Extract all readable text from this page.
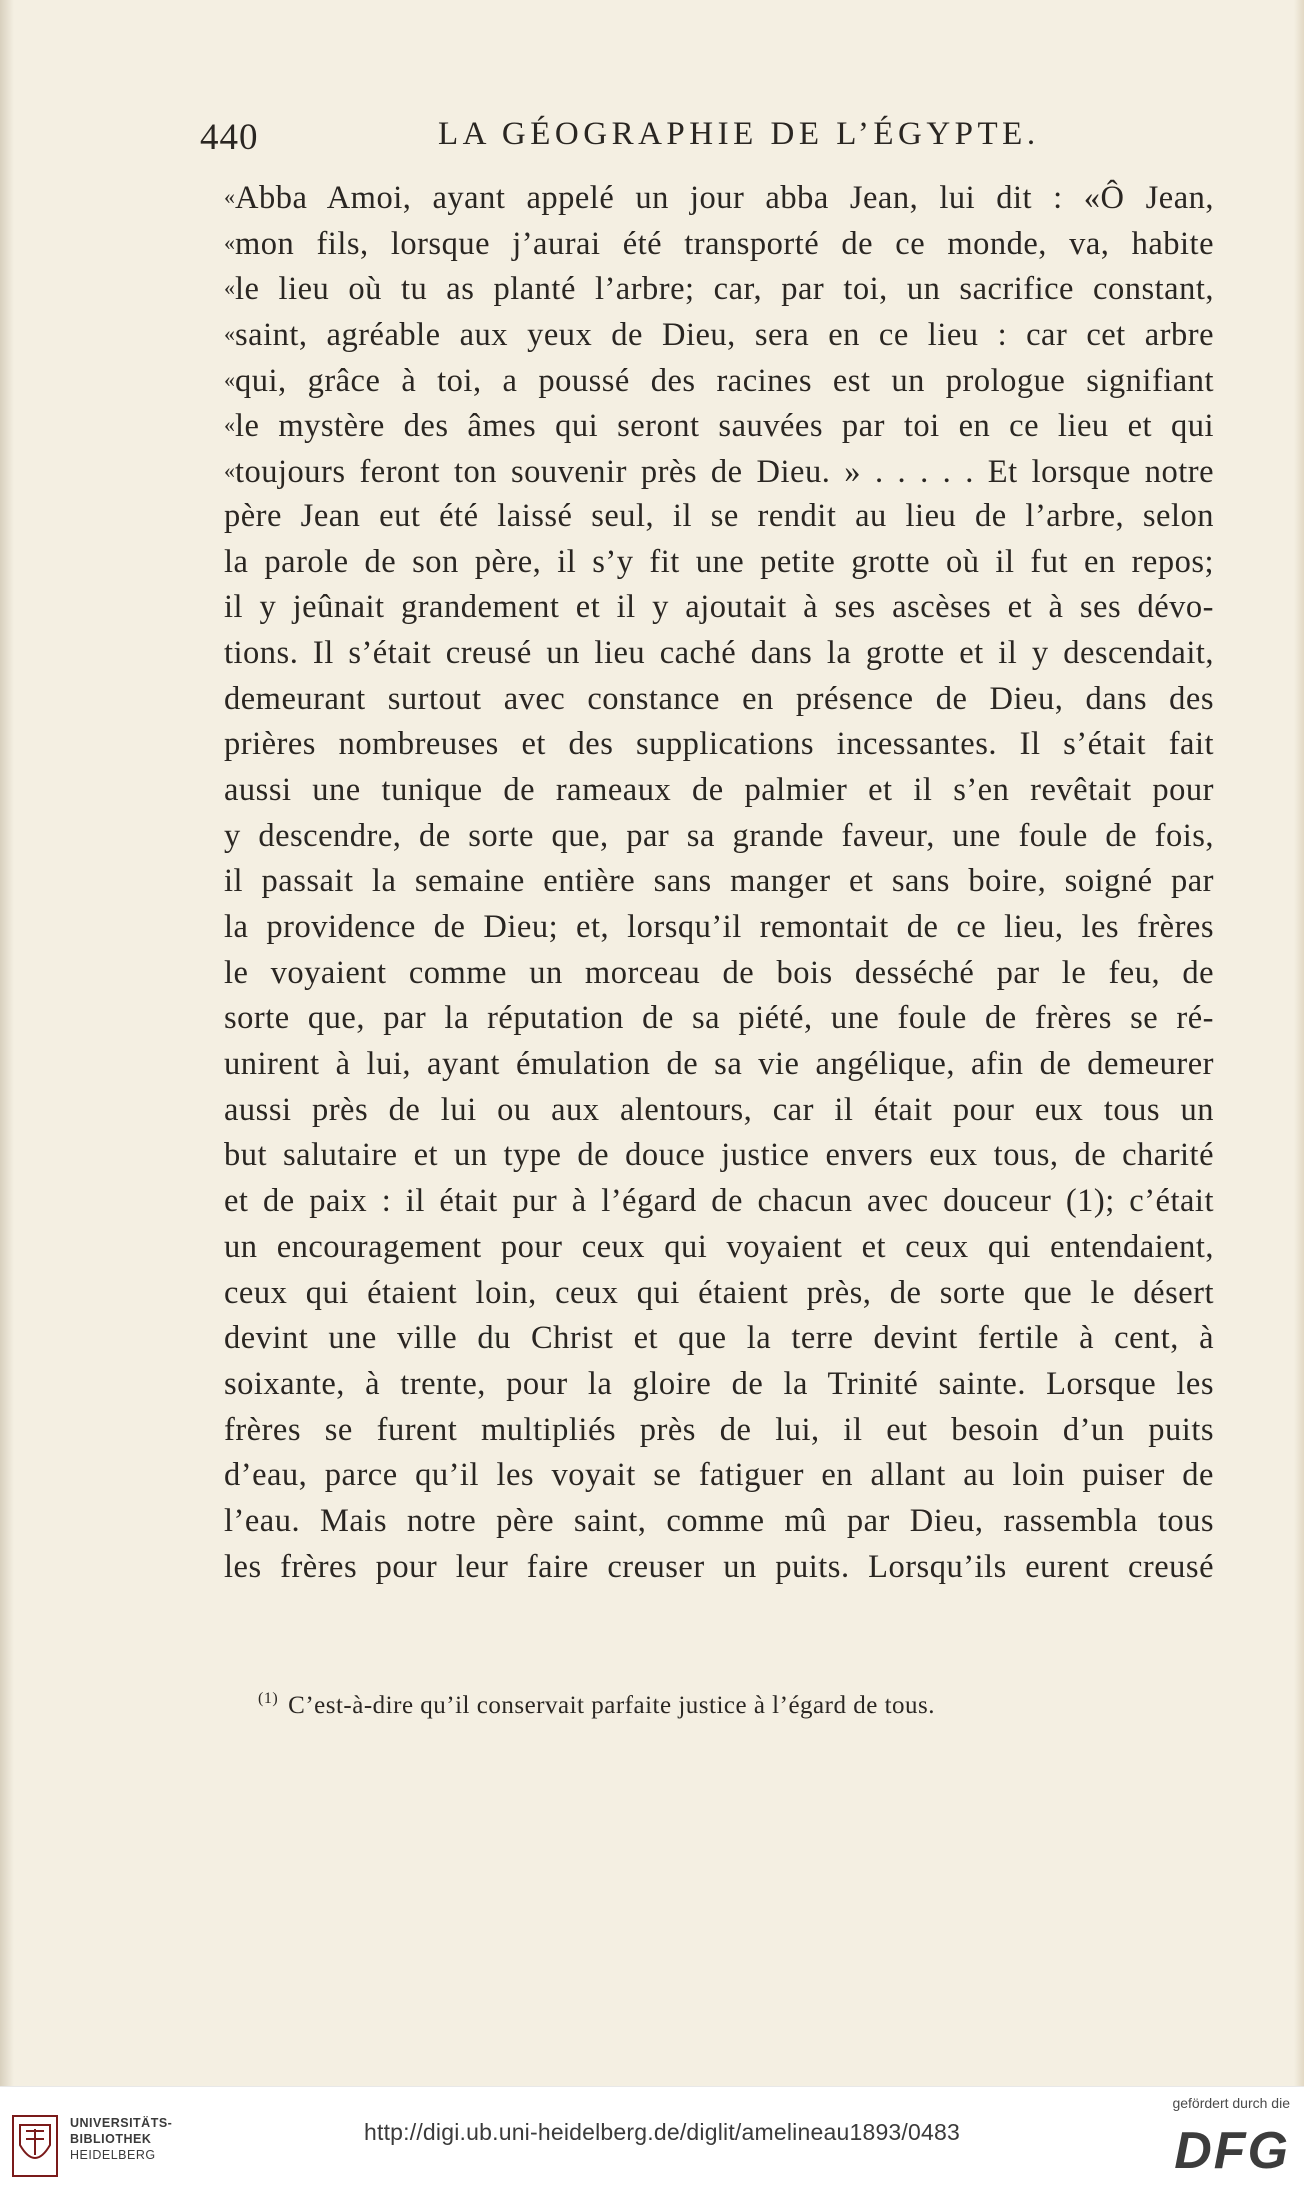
440	LA GÉOGRAPHIE DE L’ÉGYPTE.
«Abba Amoi, ayant appelé un jour abba Jean, lui dit : «Ô Jean,
«mon fils, lorsque j’aurai été transporté de ce monde, va, habite
«le lieu où tu as planté l’arbre; car, par toi, un sacrifice constant,
«saint, agréable aux yeux de Dieu, sera en ce lieu : car cet arbre
«qui, grâce à toi, a poussé des racines est un prologue signifiant
«le mystère des âmes qui seront sauvées par toi en ce lieu et qui
«toujours feront ton souvenir près de Dieu. » . . . . . Et lorsque notre
père Jean eut été laissé seul, il se rendit au lieu de l’arbre, selon
la parole de son père, il s’y fit une petite grotte où il fut en repos;
il y jeûnait grandement et il y ajoutait à ses ascèses et à ses dévo-
tions. Il s’était creusé un lieu caché dans la grotte et il y descendait,
demeurant surtout avec constance en présence de Dieu, dans des
prières nombreuses et des supplications incessantes. Il s’était fait
aussi une tunique de rameaux de palmier et il s’en revêtait pour
y descendre, de sorte que, par sa grande faveur, une foule de fois,
il passait la semaine entière sans manger et sans boire, soigné par
la providence de Dieu; et, lorsqu’il remontait de ce lieu, les frères
le voyaient comme un morceau de bois desséché par le feu, de
sorte que, par la réputation de sa piété, une foule de frères se ré-
unirent à lui, ayant émulation de sa vie angélique, afin de demeurer
aussi près de lui ou aux alentours, car il était pour eux tous un
but salutaire et un type de douce justice envers eux tous, de charité
et de paix : il était pur à l’égard de chacun avec douceur (1); c’était
un encouragement pour ceux qui voyaient et ceux qui entendaient,
ceux qui étaient loin, ceux qui étaient près, de sorte que le désert
devint une ville du Christ et que la terre devint fertile à cent, à
soixante, à trente, pour la gloire de la Trinité sainte. Lorsque les
frères se furent multipliés près de lui, il eut besoin d’un puits
d’eau, parce qu’il les voyait se fatiguer en allant au loin puiser de
l’eau. Mais notre père saint, comme mû par Dieu, rassembla tous
les frères pour leur faire creuser un puits. Lorsqu’ils eurent creusé
$^{(1)}$ C’est-à-dire qu’il conservait parfaite justice à l’égard de tous.
UNIVERSITÄTS-
BIBLIOTHEK
HEIDELBERG
http://digi.ub.uni-heidelberg.de/diglit/amelineau1893/0483
gefördert durch die
DFG
